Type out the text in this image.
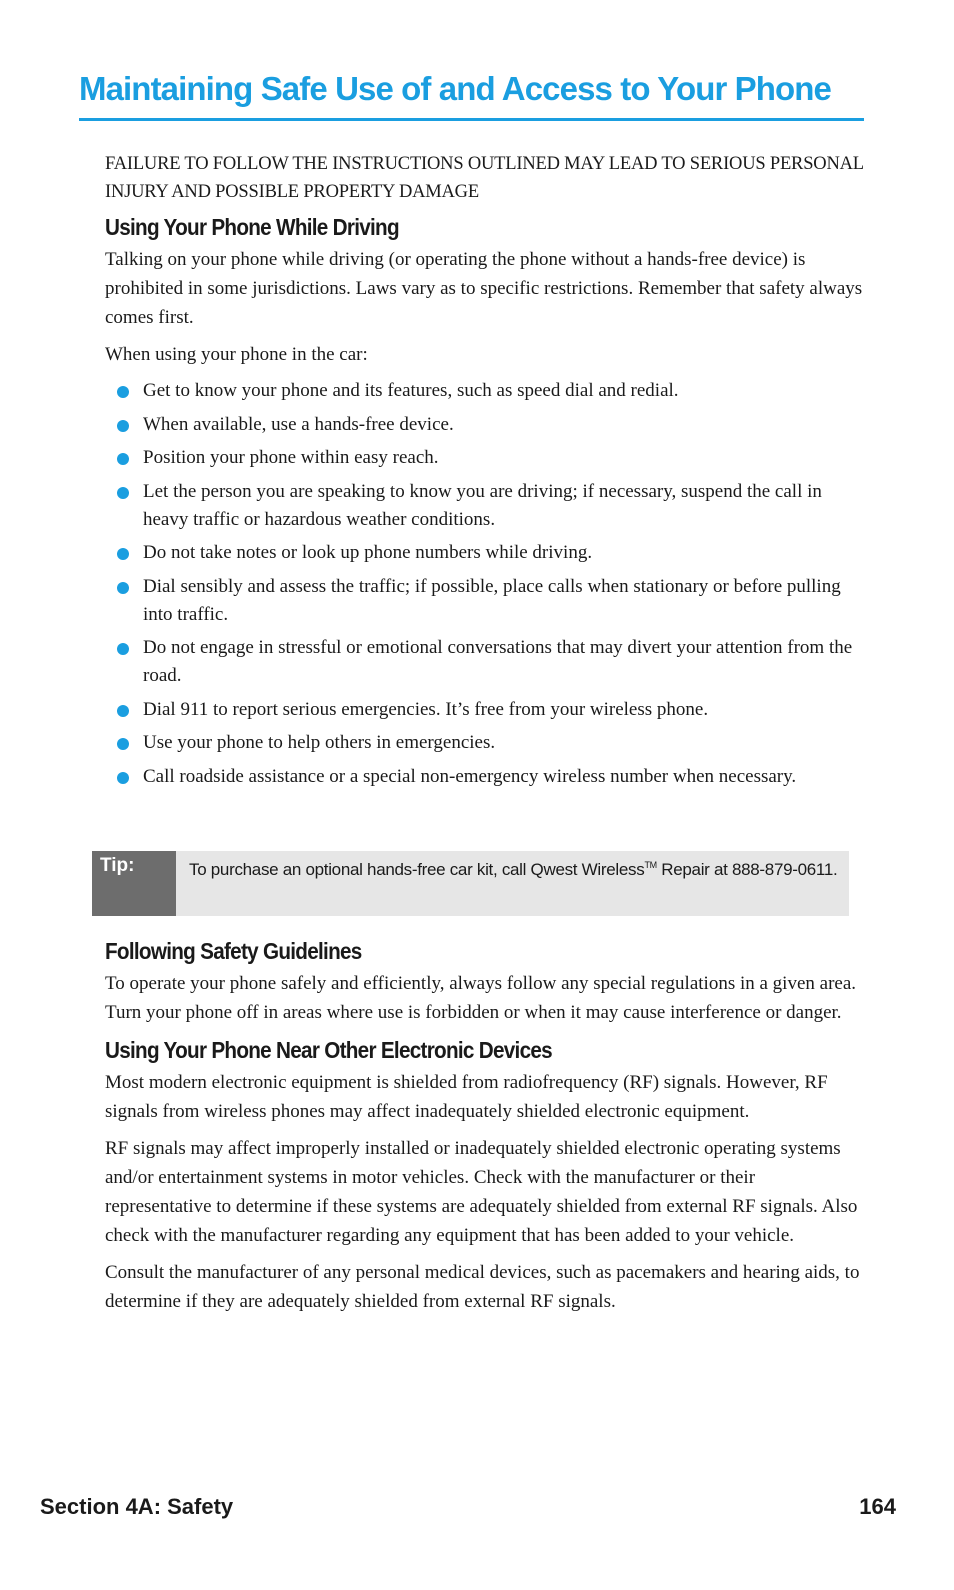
Maintaining Safe Use of and Access to Your Phone

FAILURE TO FOLLOW THE INSTRUCTIONS OUTLINED MAY LEAD TO SERIOUS PERSONAL INJURY AND POSSIBLE PROPERTY DAMAGE

Using Your Phone While Driving

Talking on your phone while driving (or operating the phone without a hands-free device) is prohibited in some jurisdictions. Laws vary as to specific restrictions. Remember that safety always comes first.

When using your phone in the car:

Get to know your phone and its features, such as speed dial and redial.
When available, use a hands-free device.
Position your phone within easy reach.
Let the person you are speaking to know you are driving; if necessary, suspend the call in heavy traffic or hazardous weather conditions.
Do not take notes or look up phone numbers while driving.
Dial sensibly and assess the traffic; if possible, place calls when stationary or before pulling into traffic.
Do not engage in stressful or emotional conversations that may divert your attention from the road.
Dial 911 to report serious emergencies. It’s free from your wireless phone.
Use your phone to help others in emergencies.
Call roadside assistance or a special non-emergency wireless number when necessary.
Tip:	To purchase an optional hands-free car kit, call Qwest Wireless™ Repair at 888-879-0611.
Following Safety Guidelines

To operate your phone safely and efficiently, always follow any special regulations in a given area. Turn your phone off in areas where use is forbidden or when it may cause interference or danger.

Using Your Phone Near Other Electronic Devices

Most modern electronic equipment is shielded from radiofrequency (RF) signals. However, RF signals from wireless phones may affect inadequately shielded electronic equipment.

RF signals may affect improperly installed or inadequately shielded electronic operating systems and/or entertainment systems in motor vehicles. Check with the manufacturer or their representative to determine if these systems are adequately shielded from external RF signals. Also check with the manufacturer regarding any equipment that has been added to your vehicle.

Consult the manufacturer of any personal medical devices, such as pacemakers and hearing aids, to determine if they are adequately shielded from external RF signals.

Section 4A: Safety	164
